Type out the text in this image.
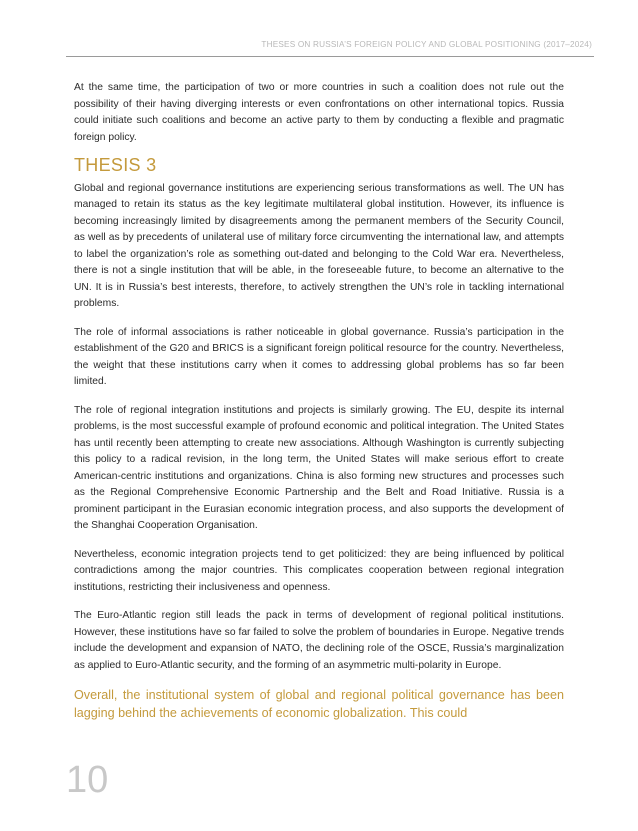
THESES ON RUSSIA’S FOREIGN POLICY AND GLOBAL POSITIONING (2017–2024)

At the same time, the participation of two or more countries in such a coalition does not rule out the possibility of their having diverging interests or even confrontations on other international topics. Russia could initiate such coalitions and become an active party to them by conducting a flexible and pragmatic foreign policy.

THESIS 3

Global and regional governance institutions are experiencing serious transformations as well. The UN has managed to retain its status as the key legitimate multilateral global institution. However, its influence is becoming increasingly limited by disagreements among the permanent members of the Security Council, as well as by precedents of unilateral use of military force circumventing the international law, and attempts to label the organization’s role as something out-dated and belonging to the Cold War era. Nevertheless, there is not a single institution that will be able, in the foreseeable future, to become an alternative to the UN. It is in Russia’s best interests, therefore, to actively strengthen the UN’s role in tackling international problems.

The role of informal associations is rather noticeable in global governance. Russia’s participation in the establishment of the G20 and BRICS is a significant foreign political resource for the country. Nevertheless, the weight that these institutions carry when it comes to addressing global problems has so far been limited.

The role of regional integration institutions and projects is similarly growing. The EU, despite its internal problems, is the most successful example of profound economic and political integration. The United States has until recently been attempting to create new associations. Although Washington is currently subjecting this policy to a radical revision, in the long term, the United States will make serious effort to create American-centric institutions and organizations. China is also forming new structures and processes such as the Regional Comprehensive Economic Partnership and the Belt and Road Initiative. Russia is a prominent participant in the Eurasian economic integration process, and also supports the development of the Shanghai Cooperation Organisation.

Nevertheless, economic integration projects tend to get politicized: they are being influenced by political contradictions among the major countries. This complicates cooperation between regional integration institutions, restricting their inclusiveness and openness.

The Euro-Atlantic region still leads the pack in terms of development of regional political institutions. However, these institutions have so far failed to solve the problem of boundaries in Europe. Negative trends include the development and expansion of NATO, the declining role of the OSCE, Russia’s marginalization as applied to Euro-Atlantic security, and the forming of an asymmetric multi-polarity in Europe.

Overall, the institutional system of global and regional political governance has been lagging behind the achievements of economic globalization. This could

10
